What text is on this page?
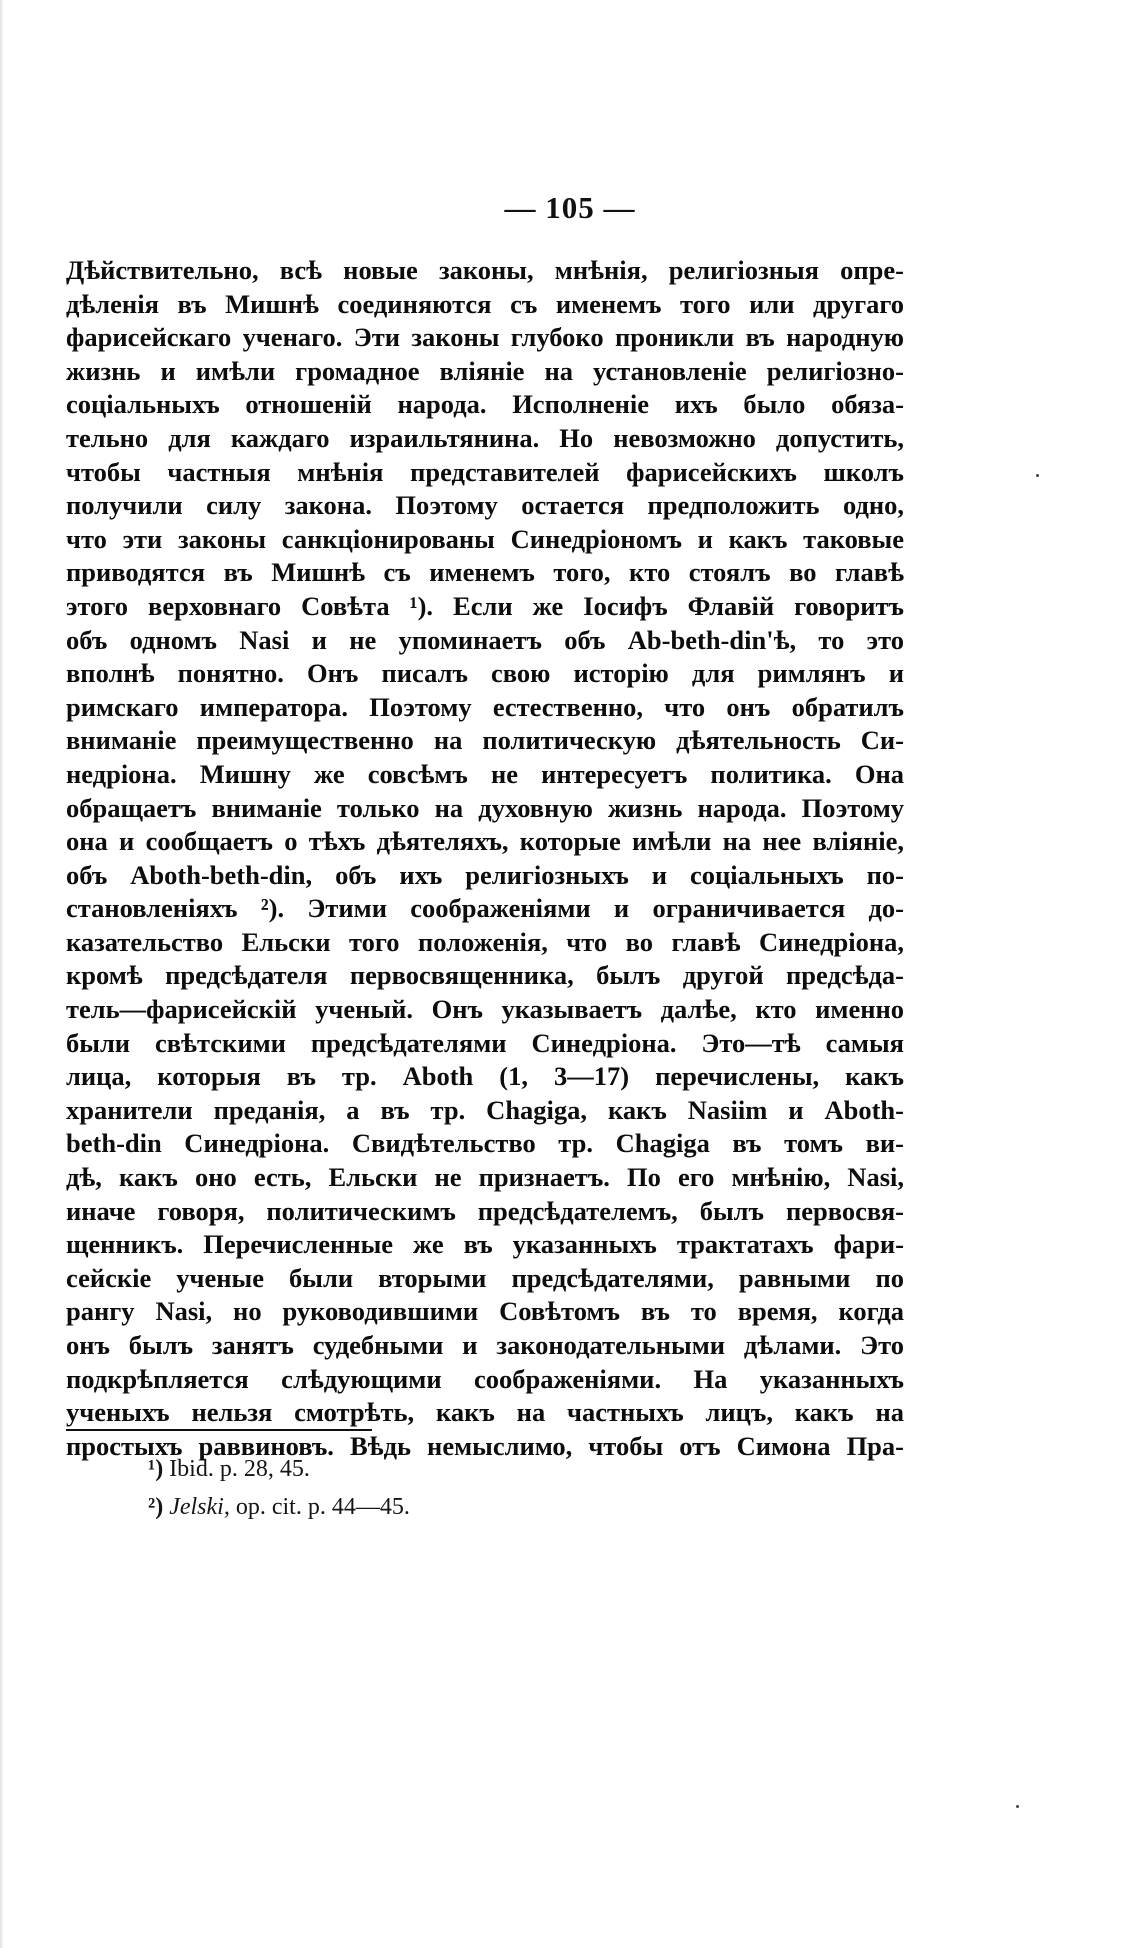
— 105 —
Дѣйствительно, всѣ новые законы, мнѣнія, религіозныя опре-
дѣленія въ Мишнѣ соединяются съ именемъ того или другаго
фарисейскаго ученаго. Эти законы глубоко проникли въ народную
жизнь и имѣли громадное вліяніе на установленіе религіозно-
соціальныхъ отношеній народа. Исполненіе ихъ было обяза-
тельно для каждаго израильтянина. Но невозможно допустить,
чтобы частныя мнѣнія представителей фарисейскихъ школъ
получили силу закона. Поэтому остается предположить одно,
что эти законы санкціонированы Синедріономъ и какъ таковые
приводятся въ Мишнѣ съ именемъ того, кто стоялъ во главѣ
этого верховнаго Совѣта ¹). Если же Іосифъ Флавій говоритъ
объ одномъ Nasi и не упоминаетъ объ Ab-beth-din'ѣ, то это
вполнѣ понятно. Онъ писалъ свою исторію для римлянъ и
римскаго императора. Поэтому естественно, что онъ обратилъ
вниманіе преимущественно на политическую дѣятельность Си-
недріона. Мишну же совсѣмъ не интересуетъ политика. Она
обращаетъ вниманіе только на духовную жизнь народа. Поэтому
она и сообщаетъ о тѣхъ дѣятеляхъ, которые имѣли на нее вліяніе,
объ Aboth-beth-din, объ ихъ религіозныхъ и соціальныхъ по-
становленіяхъ ²). Этими соображеніями и ограничивается до-
казательство Ельски того положенія, что во главѣ Синедріона,
кромѣ предсѣдателя первосвященника, былъ другой предсѣда-
тель—фарисейскій ученый. Онъ указываетъ далѣе, кто именно
были свѣтскими предсѣдателями Синедріона. Это—тѣ самыя
лица, которыя въ тр. Aboth (1, 3—17) перечислены, какъ
хранители преданія, а въ тр. Chagiga, какъ Nasiim и Aboth-
beth-din Синедріона. Свидѣтельство тр. Chagiga въ томъ ви-
дѣ, какъ оно есть, Ельски не признаетъ. По его мнѣнію, Nasi,
иначе говоря, политическимъ предсѣдателемъ, былъ первосвя-
щенникъ. Перечисленные же въ указанныхъ трактатахъ фари-
сейскіе ученые были вторыми предсѣдателями, равными по
рангу Nasi, но руководившими Совѣтомъ въ то время, когда
онъ былъ занятъ судебными и законодательными дѣлами. Это
подкрѣпляется слѣдующими соображеніями. На указанныхъ
ученыхъ нельзя смотрѣть, какъ на частныхъ лицъ, какъ на
простыхъ раввиновъ. Вѣдь немыслимо, чтобы отъ Симона Пра-
¹) Ibid. p. 28, 45.
²) Jelski, op. cit. p. 44—45.
